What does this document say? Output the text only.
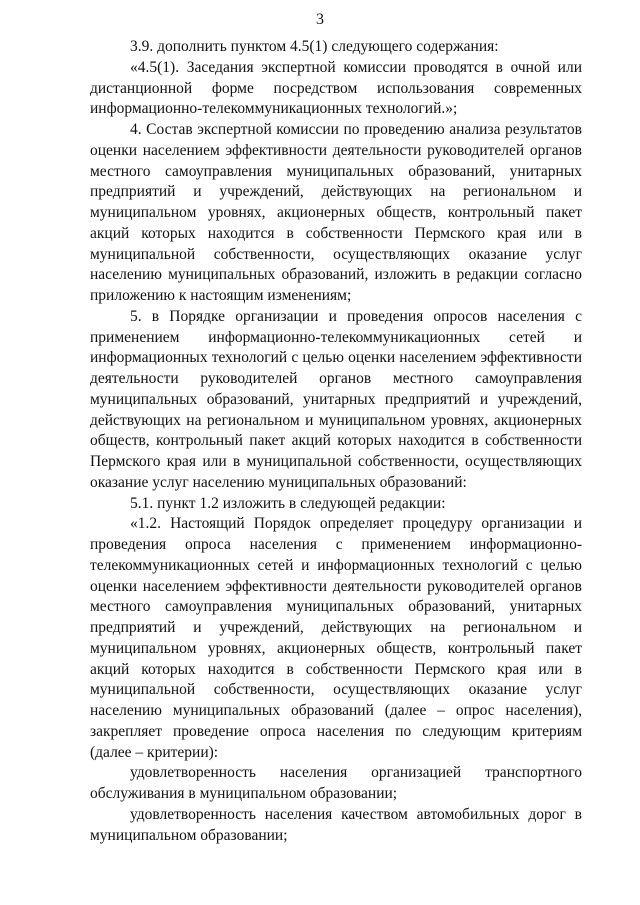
3

3.9. дополнить пунктом 4.5(1) следующего содержания:

«4.5(1). Заседания экспертной комиссии проводятся в очной или дистанционной форме посредством использования современных информационно-телекоммуникационных технологий.»;

4. Состав экспертной комиссии по проведению анализа результатов оценки населением эффективности деятельности руководителей органов местного самоуправления муниципальных образований, унитарных предприятий и учреждений, действующих на региональном и муниципальном уровнях, акционерных обществ, контрольный пакет акций которых находится в собственности Пермского края или в муниципальной собственности, осуществляющих оказание услуг населению муниципальных образований, изложить в редакции согласно приложению к настоящим изменениям;

5. в Порядке организации и проведения опросов населения с применением информационно-телекоммуникационных сетей и информационных технологий с целью оценки населением эффективности деятельности руководителей органов местного самоуправления муниципальных образований, унитарных предприятий и учреждений, действующих на региональном и муниципальном уровнях, акционерных обществ, контрольный пакет акций которых находится в собственности Пермского края или в муниципальной собственности, осуществляющих оказание услуг населению муниципальных образований:

5.1. пункт 1.2 изложить в следующей редакции:

«1.2. Настоящий Порядок определяет процедуру организации и проведения опроса населения с применением информационно-телекоммуникационных сетей и информационных технологий с целью оценки населением эффективности деятельности руководителей органов местного самоуправления муниципальных образований, унитарных предприятий и учреждений, действующих на региональном и муниципальном уровнях, акционерных обществ, контрольный пакет акций которых находится в собственности Пермского края или в муниципальной собственности, осуществляющих оказание услуг населению муниципальных образований (далее – опрос населения), закрепляет проведение опроса населения по следующим критериям (далее – критерии):

удовлетворенность населения организацией транспортного обслуживания в муниципальном образовании;

удовлетворенность населения качеством автомобильных дорог в муниципальном образовании;
